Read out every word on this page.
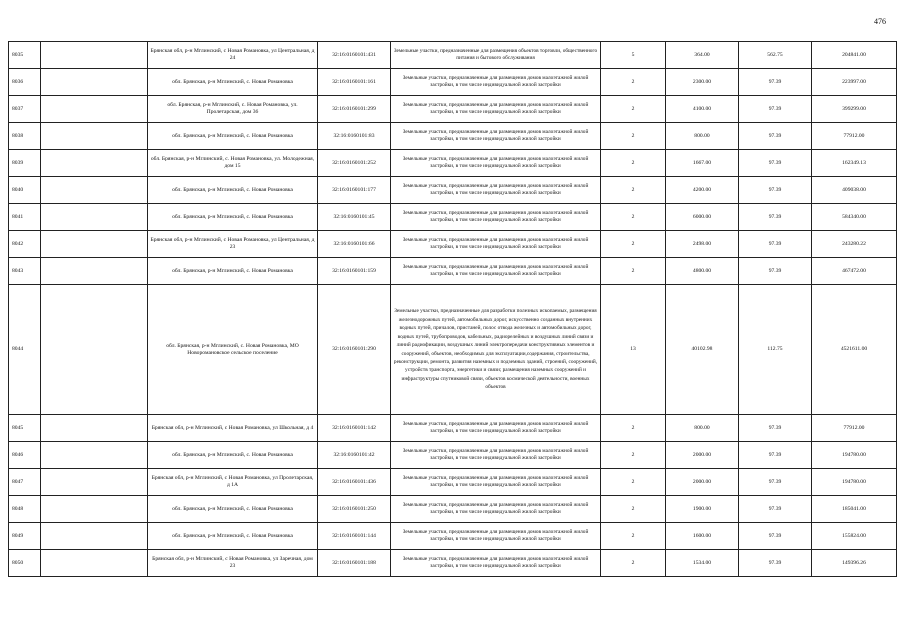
476
8035		Брянская обл, р-н Мглинский, с Новая Романовка, ул Центральная, д 24	32:16:0160101:431	Земельные участки, предназначенные для размещения объектов торговли, общественного питания и бытового обслуживания	5	364.00	562.75	204841.00
8036		обл. Брянская, р-н Мглинский, с. Новая Романовка	32:16:0160101:161	Земельные участки, предназначенные для размещения домов малоэтажной жилой застройки, в том числе индивидуальной жилой застройки	2	2300.00	97.39	223997.00
8037		обл. Брянская, р-н Мглинский, с. Новая Романовка, ул. Пролетарская, дом 36	32:16:0160101:299	Земельные участки, предназначенные для размещения домов малоэтажной жилой застройки, в том числе индивидуальной жилой застройки	2	4100.00	97.39	399299.00
8038		обл. Брянская, р-н Мглинский, с. Новая Романовка	32:16:0160101:83	Земельные участки, предназначенные для размещения домов малоэтажной жилой застройки, в том числе индивидуальной жилой застройки	2	800.00	97.39	77912.00
8039		обл. Брянская, р-н Мглинский, с. Новая Романовка, ул. Молодежная, дом 15	32:16:0160101:252	Земельные участки, предназначенные для размещения домов малоэтажной жилой застройки, в том числе индивидуальной жилой застройки	2	1667.00	97.39	162349.13
8040		обл. Брянская, р-н Мглинский, с. Новая Романовка	32:16:0160101:177	Земельные участки, предназначенные для размещения домов малоэтажной жилой застройки, в том числе индивидуальной жилой застройки	2	4200.00	97.39	409038.00
8041		обл. Брянская, р-н Мглинский, с. Новая Романовка	32:16:0160101:45	Земельные участки, предназначенные для размещения домов малоэтажной жилой застройки, в том числе индивидуальной жилой застройки	2	6000.00	97.39	584340.00
8042		Брянская обл, р-н Мглинский, с Новая Романовка, ул Центральная, д 23	32:16:0160101:66	Земельные участки, предназначенные для размещения домов малоэтажной жилой застройки, в том числе индивидуальной жилой застройки	2	2498.00	97.39	243280.22
8043		обл. Брянская, р-н Мглинский, с. Новая Романовка	32:16:0160101:159	Земельные участки, предназначенные для размещения домов малоэтажной жилой застройки, в том числе индивидуальной жилой застройки	2	4800.00	97.39	467472.00
8044		обл. Брянская, р-н Мглинский, с. Новая Романовка, МО Новоромановское сельское поселение	32:16:0160101:290	Земельные участки, предназначенные для разработки полезных ископаемых, размещения железнодорожных путей, автомобильных дорог, искусственно созданных внутренних водных путей, причалов, пристаней, полос отвода железных и автомобильных дорог, водных путей, трубопроводов, кабельных, радиорелейных и воздушных линий связи и линий радиофикации, воздушных линий электропередачи конструктивных элементов и сооружений, объектов, необходимых для эксплуатации,содержания, строительства, реконструкции, ремонта, развития наземных и подземных зданий, строений, сооружений, устройств транспорта, энергетики и связи; размещения наземных сооружений и инфраструктуры спутниковой связи, объектов космической деятельности, военных объектов	13	40102.98	112.75	4521611.00
8045		Брянская обл, р-н Мглинский, с Новая Романовка, ул Школьная, д 4	32:16:0160101:142	Земельные участки, предназначенные для размещения домов малоэтажной жилой застройки, в том числе индивидуальной жилой застройки	2	800.00	97.39	77912.00
8046		обл. Брянская, р-н Мглинский, с. Новая Романовка	32:16:0160101:42	Земельные участки, предназначенные для размещения домов малоэтажной жилой застройки, в том числе индивидуальной жилой застройки	2	2000.00	97.39	194780.00
8047		Брянская обл, р-н Мглинский, с Новая Романовка, ул Пролетарская, д 1А	32:16:0160101:436	Земельные участки, предназначенные для размещения домов малоэтажной жилой застройки, в том числе индивидуальной жилой застройки	2	2000.00	97.39	194780.00
8048		обл. Брянская, р-н Мглинский, с. Новая Романовка	32:16:0160101:250	Земельные участки, предназначенные для размещения домов малоэтажной жилой застройки, в том числе индивидуальной жилой застройки	2	1900.00	97.39	185041.00
8049		обл. Брянская, р-н Мглинский, с. Новая Романовка	32:16:0160101:144	Земельные участки, предназначенные для размещения домов малоэтажной жилой застройки, в том числе индивидуальной жилой застройки	2	1600.00	97.39	155824.00
8050		Брянская обл, р-н Мглинский, с Новая Романовка, ул Заречная, дом 23	32:16:0160101:188	Земельные участки, предназначенные для размещения домов малоэтажной жилой застройки, в том числе индивидуальной жилой застройки	2	1534.00	97.39	149396.26
